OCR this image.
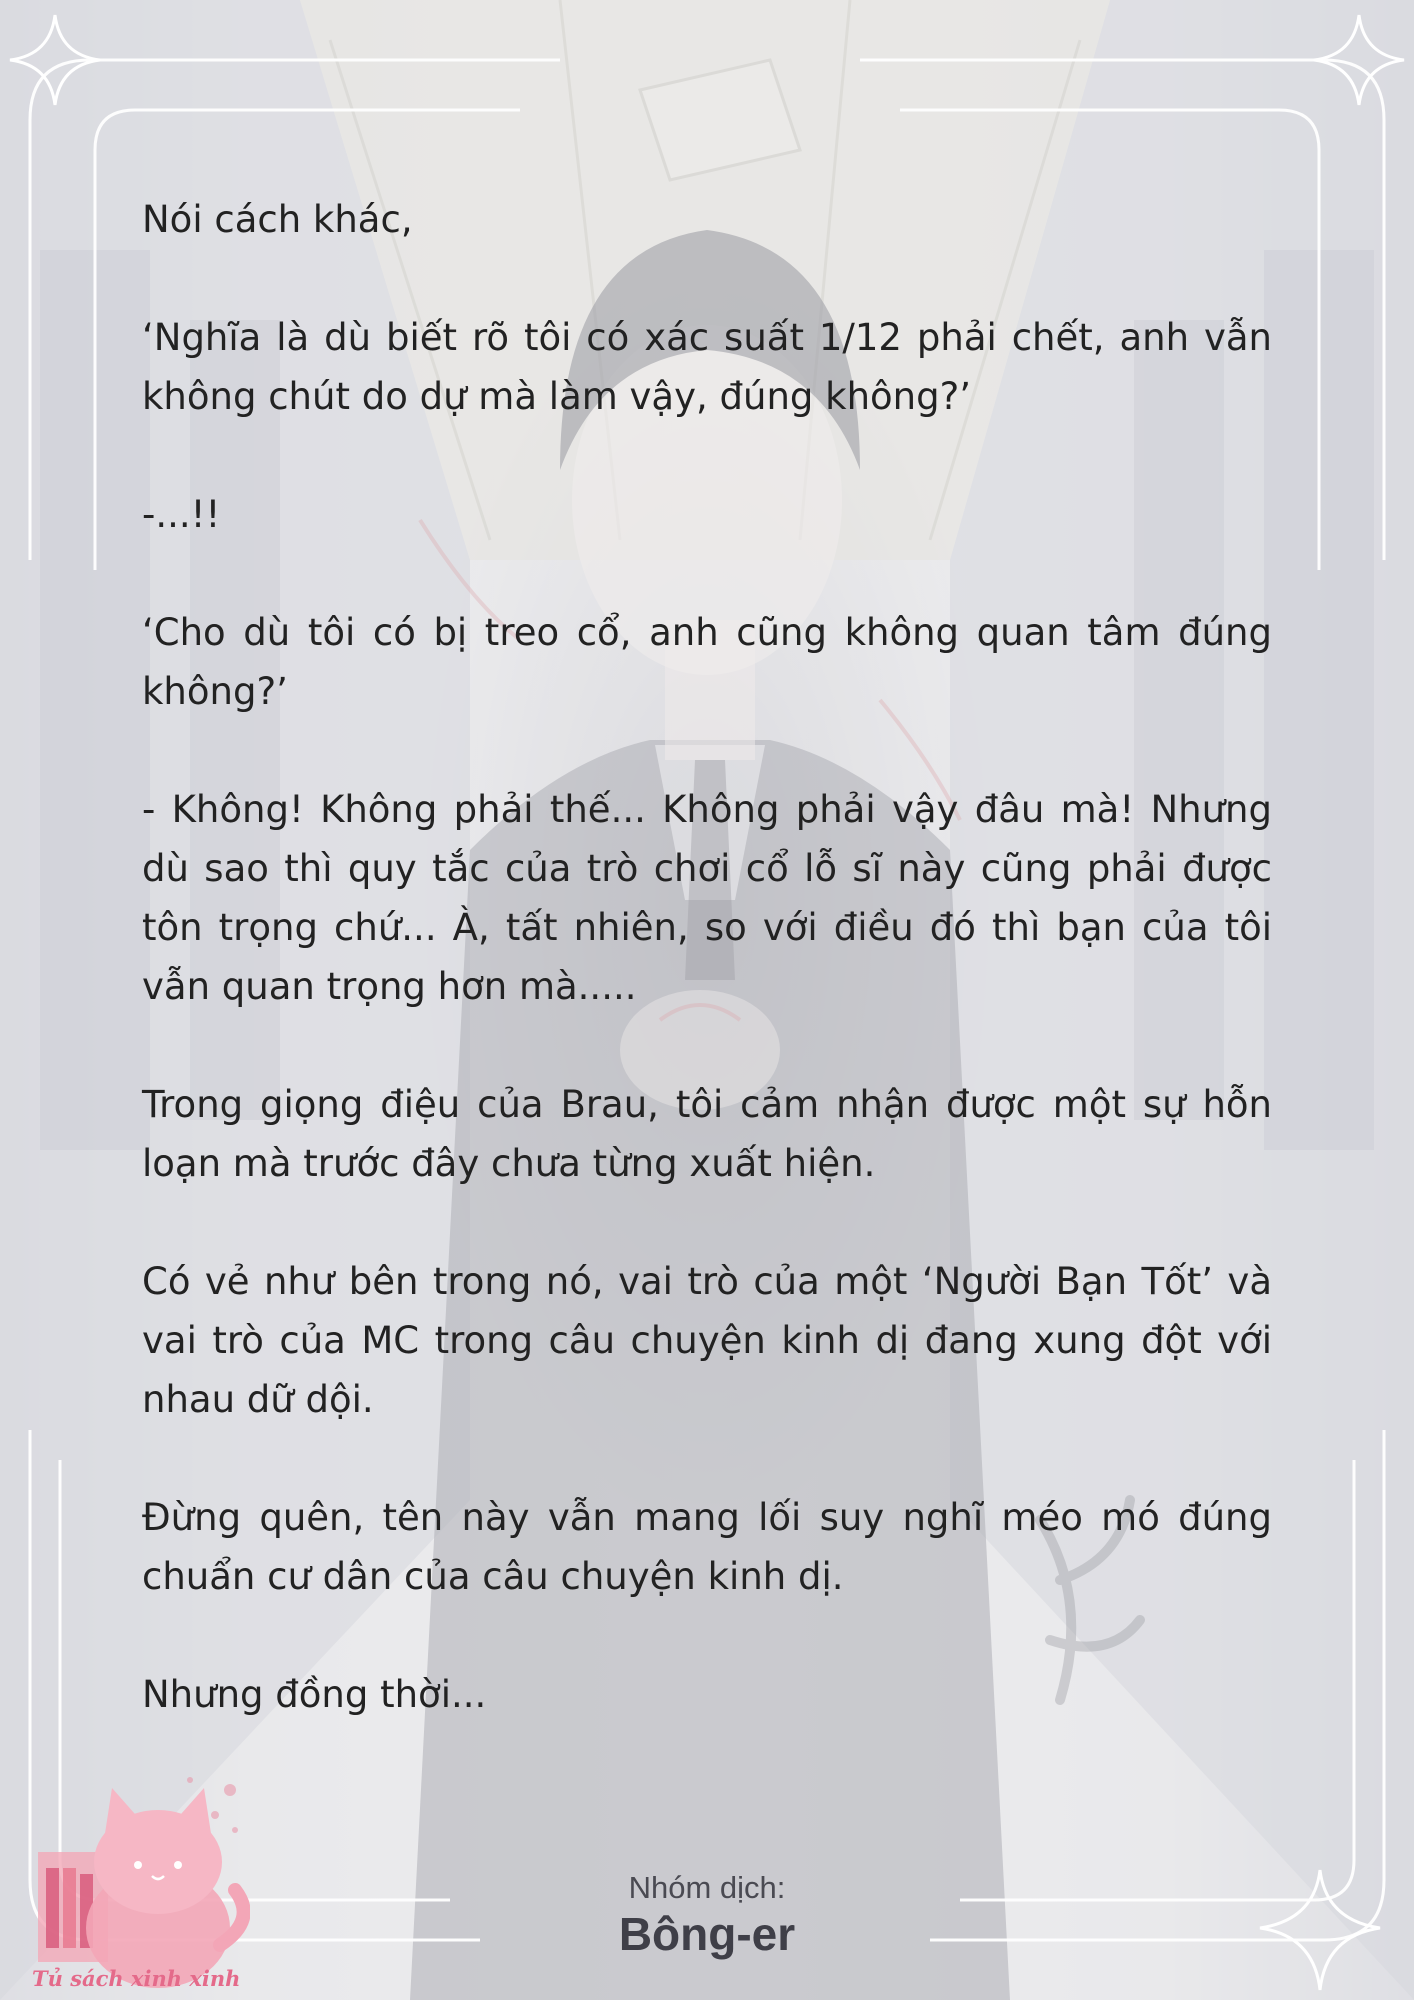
Nói cách khác,

‘Nghĩa là dù biết rõ tôi có xác suất 1/12 phải chết, anh vẫn không chút do dự mà làm vậy, đúng không?’

-...!!

‘Cho dù tôi có bị treo cổ, anh cũng không quan tâm đúng không?’

- Không! Không phải thế... Không phải vậy đâu mà! Nhưng dù sao thì quy tắc của trò chơi cổ lỗ sĩ này cũng phải được tôn trọng chứ... À, tất nhiên, so với điều đó thì bạn của tôi vẫn quan trọng hơn mà.....

Trong giọng điệu của Brau, tôi cảm nhận được một sự hỗn loạn mà trước đây chưa từng xuất hiện.

Có vẻ như bên trong nó, vai trò của một ‘Người Bạn Tốt’ và vai trò của MC trong câu chuyện kinh dị đang xung đột với nhau dữ dội.

Đừng quên, tên này vẫn mang lối suy nghĩ méo mó đúng chuẩn cư dân của câu chuyện kinh dị.

Nhưng đồng thời...

Nhóm dịch:
Bông-er
Tủ sách xinh xinh
